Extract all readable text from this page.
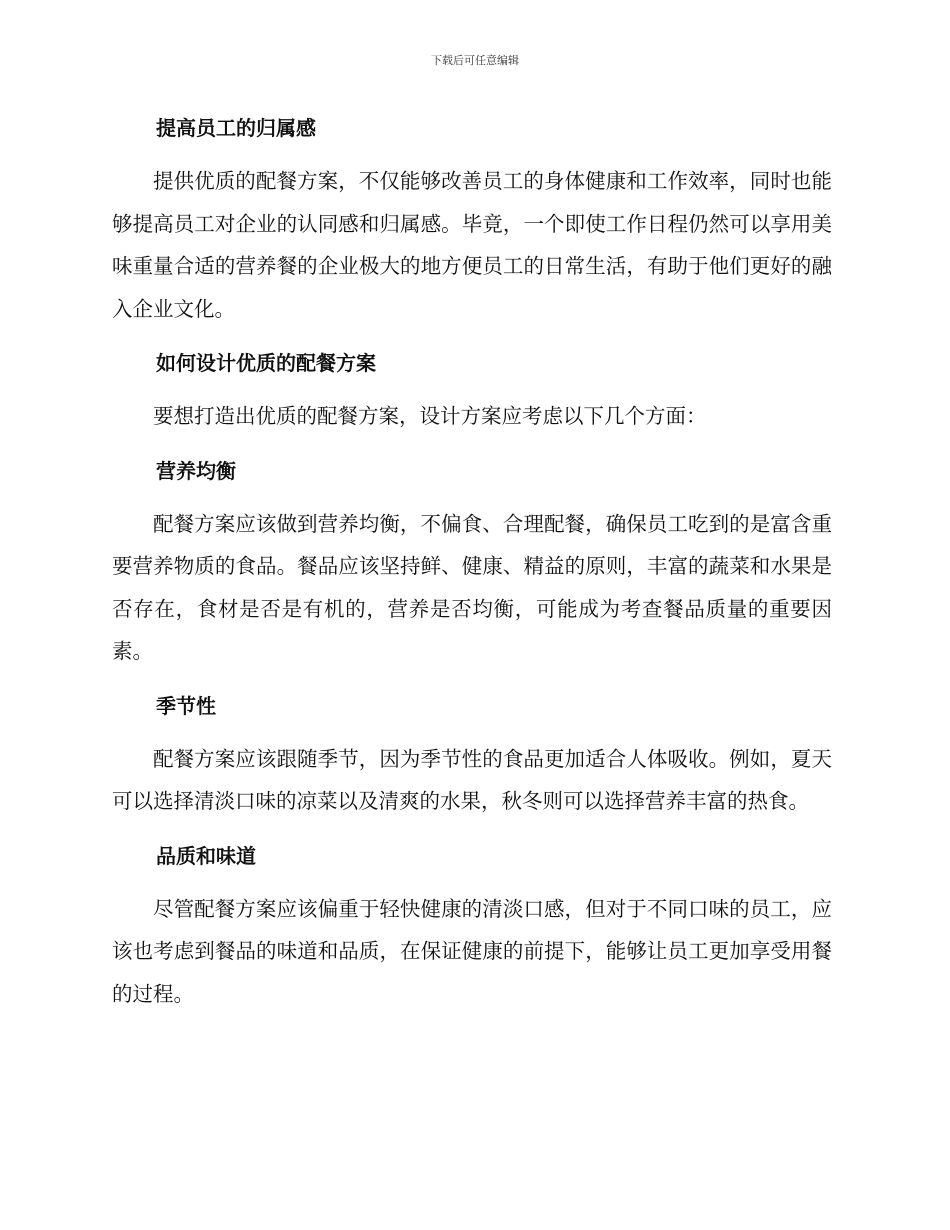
下载后可任意编辑
提高员工的归属感

提供优质的配餐方案，不仅能够改善员工的身体健康和工作效率，同时也能够提高员工对企业的认同感和归属感。毕竟，一个即使工作日程仍然可以享用美味重量合适的营养餐的企业极大的地方便员工的日常生活，有助于他们更好的融入企业文化。

如何设计优质的配餐方案

要想打造出优质的配餐方案，设计方案应考虑以下几个方面：

营养均衡

配餐方案应该做到营养均衡，不偏食、合理配餐，确保员工吃到的是富含重要营养物质的食品。餐品应该坚持鲜、健康、精益的原则，丰富的蔬菜和水果是否存在，食材是否是有机的，营养是否均衡，可能成为考查餐品质量的重要因素。

季节性

配餐方案应该跟随季节，因为季节性的食品更加适合人体吸收。例如，夏天可以选择清淡口味的凉菜以及清爽的水果，秋冬则可以选择营养丰富的热食。

品质和味道

尽管配餐方案应该偏重于轻快健康的清淡口感，但对于不同口味的员工，应该也考虑到餐品的味道和品质，在保证健康的前提下，能够让员工更加享受用餐的过程。
